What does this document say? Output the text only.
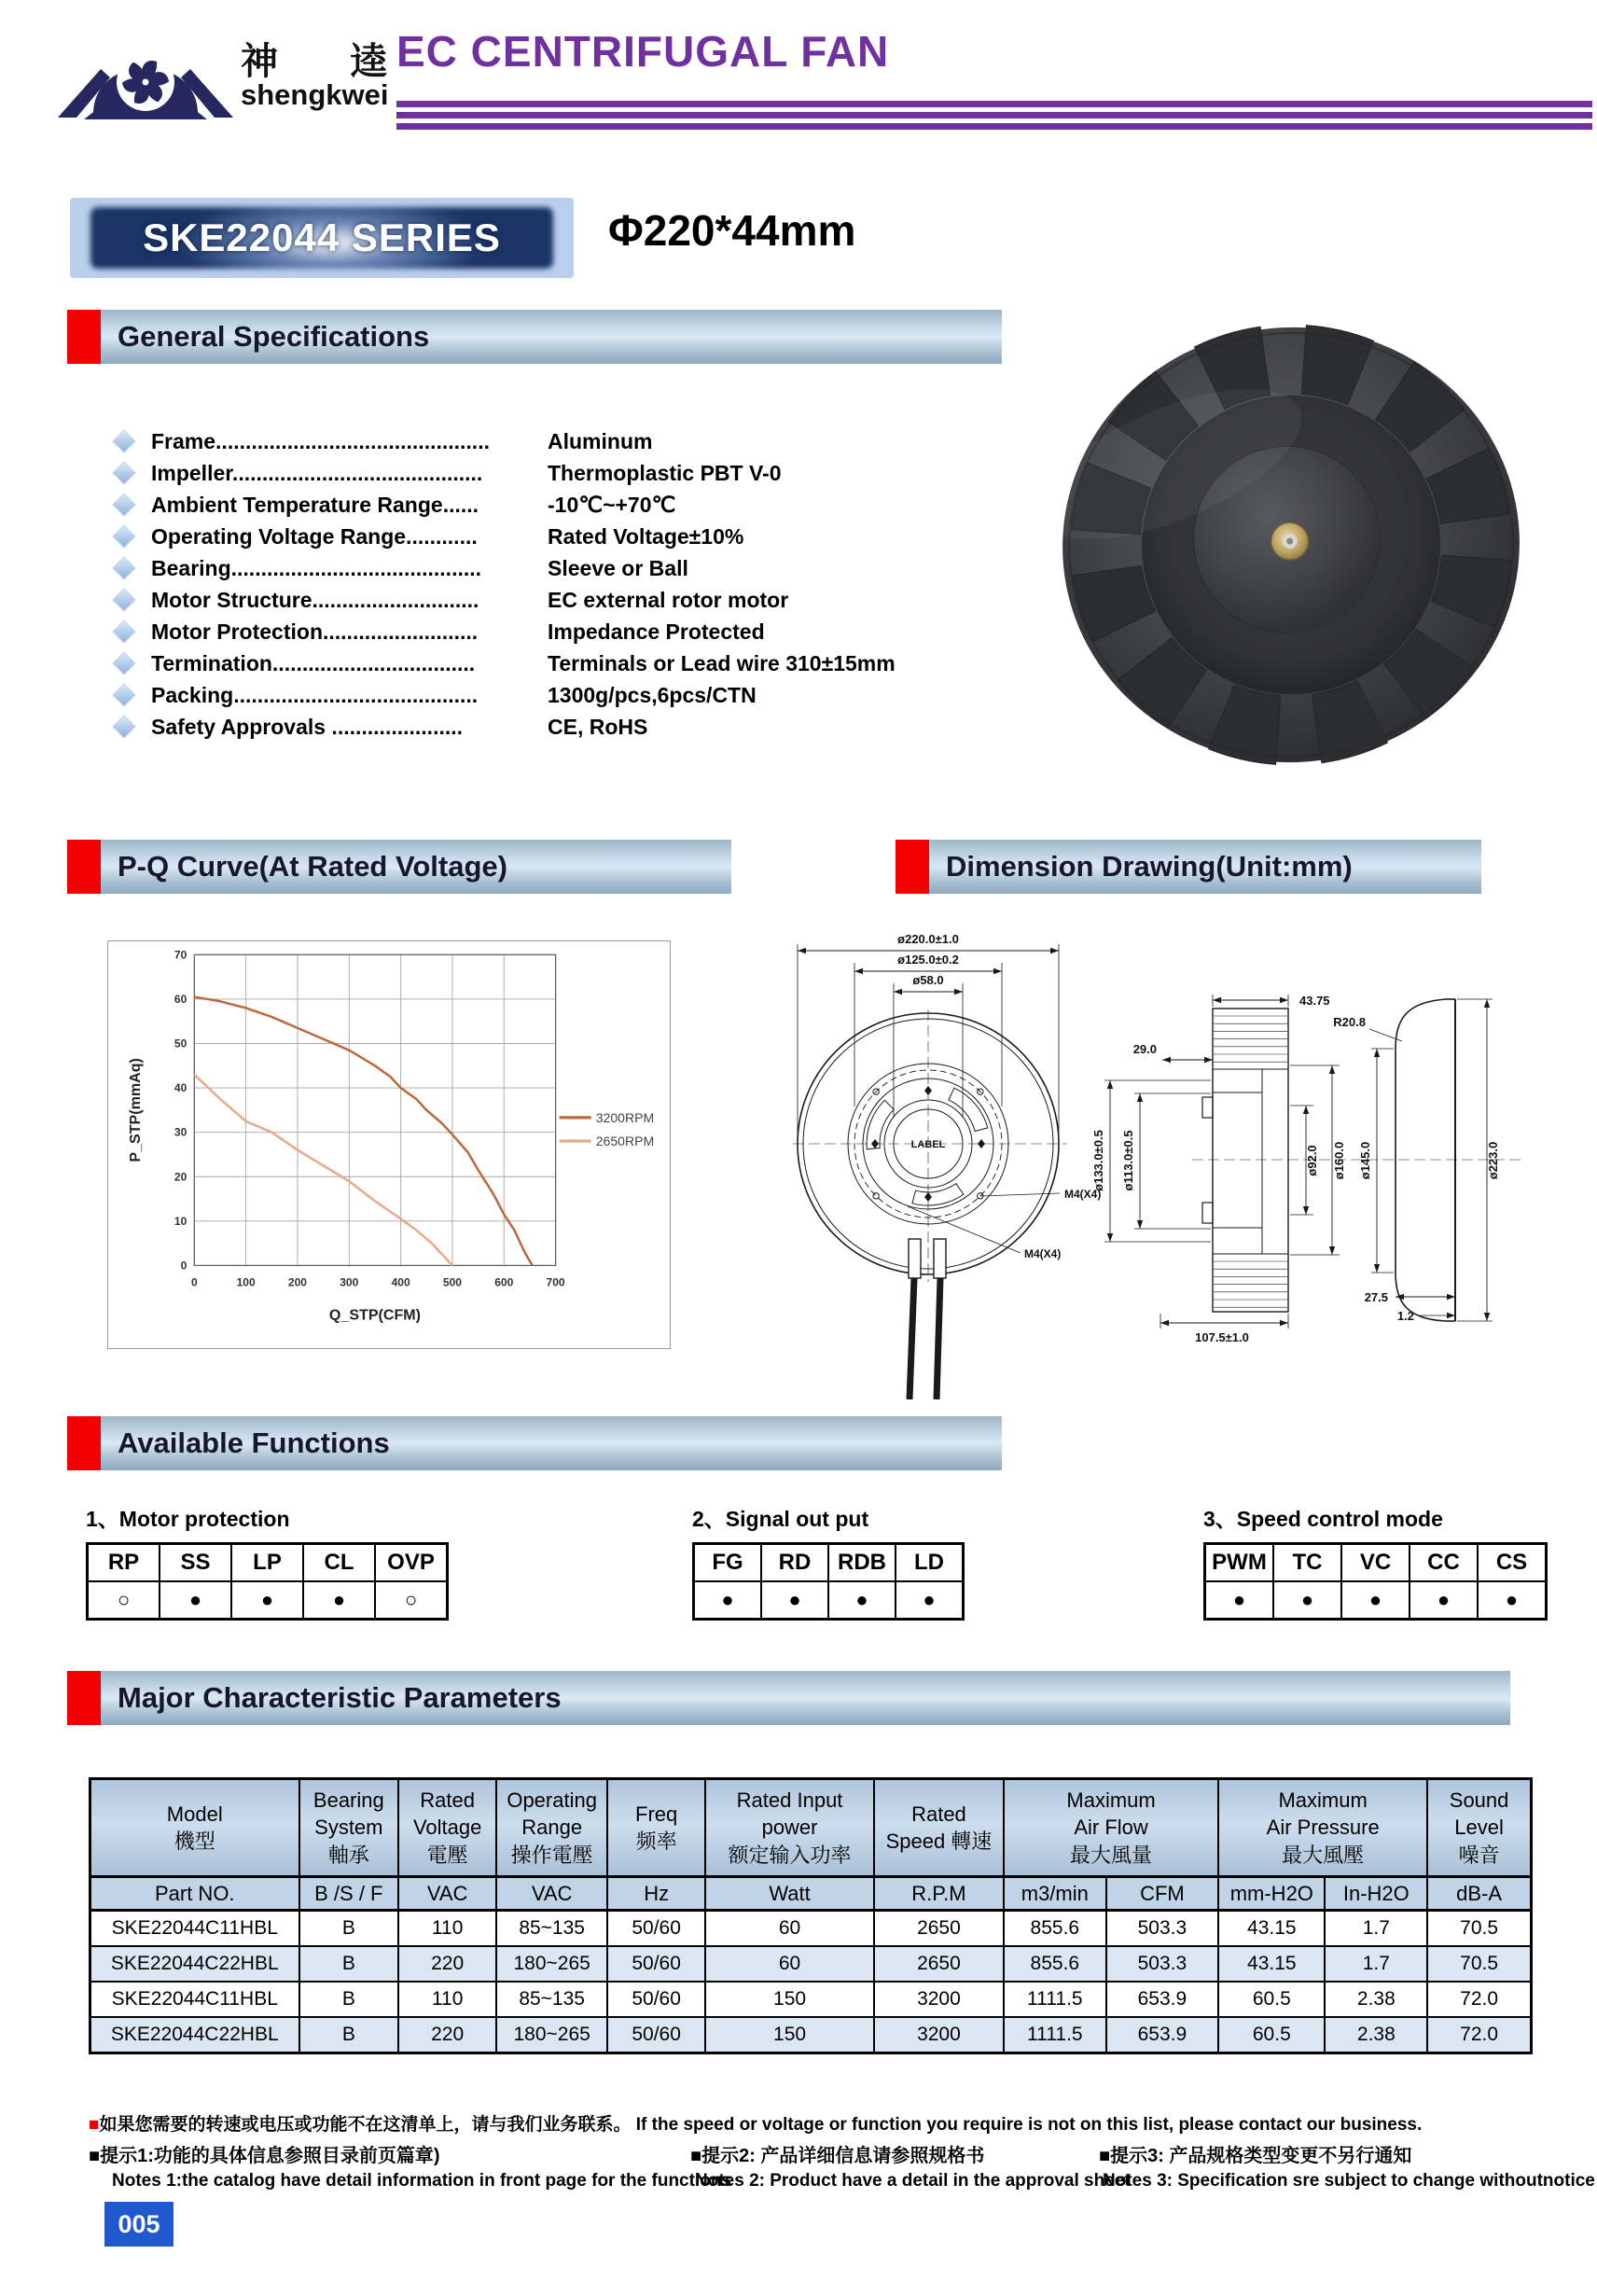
神 逵
shengkwei
EC CENTRIFUGAL FAN
SKE22044 SERIES	Φ220*44mm
General Specifications
P-Q Curve(At Rated Voltage)	Dimension Drawing(Unit:mm)
Available Functions
Major Characteristic Parameters
Frame..............................................	Aluminum
Impeller..........................................	Thermoplastic PBT V-0
Ambient Temperature Range......	-10℃~+70℃
Operating Voltage Range............	Rated Voltage±10%
Bearing..........................................	Sleeve or Ball
Motor Structure............................	EC external rotor motor
Motor Protection..........................	Impedance Protected
Termination..................................	Terminals or Lead wire 310±15mm
Packing.........................................	1300g/pcs,6pcs/CTN
Safety Approvals ......................	CE, RoHS
0
10
20
30
40
50
60
70
0	100	200	300	400	500	600	700
3200RPM
2650RPM
Q_STP(CFM)
P_STP(mmAq)	LABEL
ø220.0±1.0
ø125.0±0.2
ø58.0
M4(X4)
M4(X4)
43.75
29.0
ø133.0±0.5 ø113.0±0.5	ø92.0 ø160.0
107.5±1.0
R20.8
ø145.0	ø223.0
27.5
1.2
1、Motor protection
RP	SS	LP	CL	OVP
○	●	●	●	○
2、Signal out put
FG	RD	RDB	LD
●	●	●	●
3、Speed control mode
PWM	TC	VC	CC	CS
●	●	●	●	●
Model
機型

Bearing
System
軸承

Rated
Voltage
電壓

Operating
Range
操作電壓

Freq
频率

Rated Input
power
额定输入功率

Rated
Speed 轉速

Maximum
Air Flow
最大風量

Maximum
Air Pressure
最大風壓

Sound
Level
噪音

Part NO.	B /S / F	VAC	VAC	Hz	Watt	R.P.M	m3/min	CFM	mm-H2O	In-H2O	dB-A
SKE22044C11HBL	B	110	85~135	50/60	60	2650	855.6	503.3	43.15	1.7	70.5
SKE22044C22HBL	B	220	180~265	50/60	60	2650	855.6	503.3	43.15	1.7	70.5
SKE22044C11HBL	B	110	85~135	50/60	150	3200	1111.5	653.9	60.5	2.38	72.0
SKE22044C22HBL	B	220	180~265	50/60	150	3200	1111.5	653.9	60.5	2.38	72.0
■如果您需要的转速或电压或功能不在这清单上，请与我们业务联系。 If the speed or voltage or function you require is not on this list, please contact our business.
■提示1:功能的具体信息参照目录前页篇章)	■提示2: 产品详细信息请参照规格书	■提示3: 产品规格类型变更不另行通知
Notes 1:the catalog have detail information in front page for the functions
Notes 2: Product have a detail in the approval sheet
Notes 3: Specification sre subject to change withoutnotice
005
